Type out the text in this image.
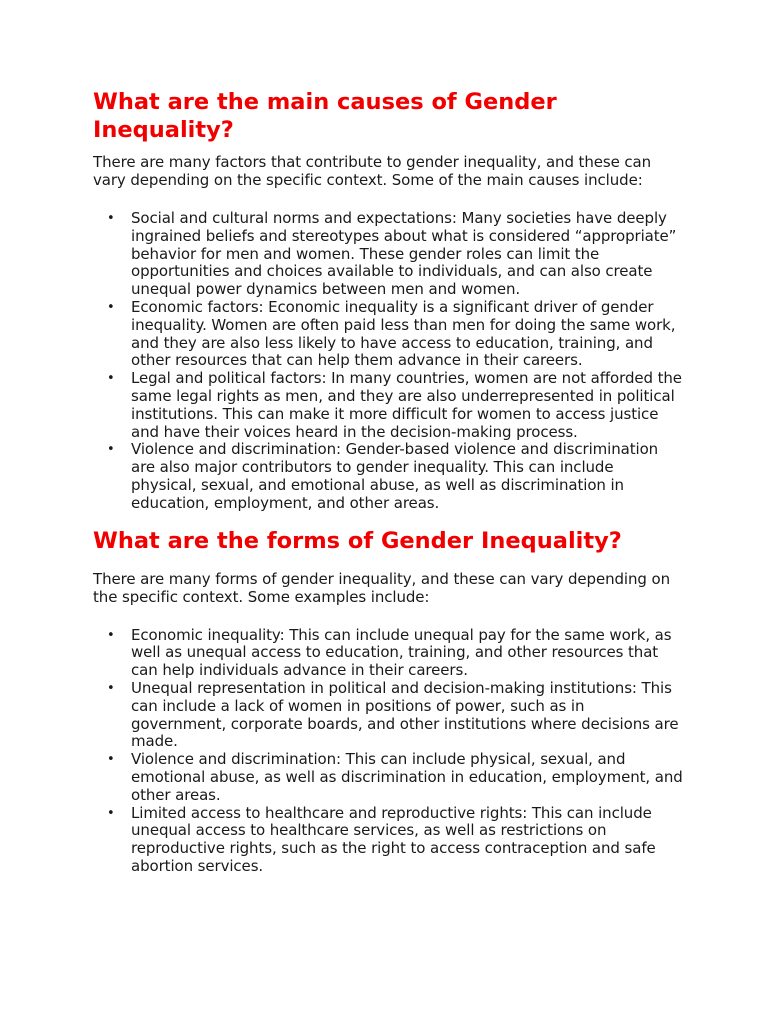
What are the main causes of Gender Inequality?

There are many factors that contribute to gender inequality, and these can vary depending on the specific context. Some of the main causes include:

• Social and cultural norms and expectations: Many societies have deeply ingrained beliefs and stereotypes about what is considered “appropriate” behavior for men and women. These gender roles can limit the opportunities and choices available to individuals, and can also create unequal power dynamics between men and women.
• Economic factors: Economic inequality is a significant driver of gender inequality. Women are often paid less than men for doing the same work, and they are also less likely to have access to education, training, and other resources that can help them advance in their careers.
• Legal and political factors: In many countries, women are not afforded the same legal rights as men, and they are also underrepresented in political institutions. This can make it more difficult for women to access justice and have their voices heard in the decision-making process.
• Violence and discrimination: Gender-based violence and discrimination are also major contributors to gender inequality. This can include physical, sexual, and emotional abuse, as well as discrimination in education, employment, and other areas.
What are the forms of Gender Inequality?

There are many forms of gender inequality, and these can vary depending on the specific context. Some examples include:

• Economic inequality: This can include unequal pay for the same work, as well as unequal access to education, training, and other resources that can help individuals advance in their careers.
• Unequal representation in political and decision-making institutions: This can include a lack of women in positions of power, such as in government, corporate boards, and other institutions where decisions are made.
• Violence and discrimination: This can include physical, sexual, and emotional abuse, as well as discrimination in education, employment, and other areas.
• Limited access to healthcare and reproductive rights: This can include unequal access to healthcare services, as well as restrictions on reproductive rights, such as the right to access contraception and safe abortion services.
